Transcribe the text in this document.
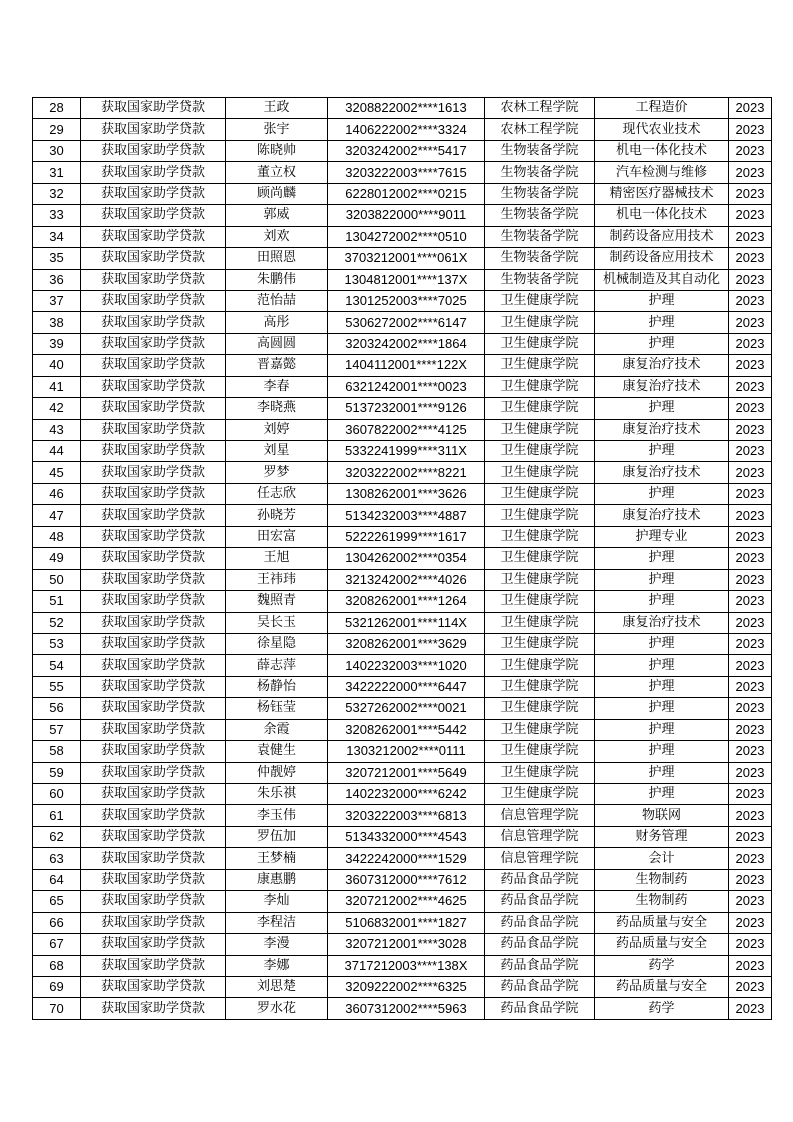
28	获取国家助学贷款	王政	3208822002****1613	农林工程学院	工程造价	2023
29	获取国家助学贷款	张宇	1406222002****3324	农林工程学院	现代农业技术	2023
30	获取国家助学贷款	陈晓帅	3203242002****5417	生物装备学院	机电一体化技术	2023
31	获取国家助学贷款	董立权	3203222003****7615	生物装备学院	汽车检测与维修	2023
32	获取国家助学贷款	顾尚麟	6228012002****0215	生物装备学院	精密医疗器械技术	2023
33	获取国家助学贷款	郭威	3203822000****9011	生物装备学院	机电一体化技术	2023
34	获取国家助学贷款	刘欢	1304272002****0510	生物装备学院	制药设备应用技术	2023
35	获取国家助学贷款	田照恩	3703212001****061X	生物装备学院	制药设备应用技术	2023
36	获取国家助学贷款	朱鹏伟	1304812001****137X	生物装备学院	机械制造及其自动化	2023
37	获取国家助学贷款	范怡喆	1301252003****7025	卫生健康学院	护理	2023
38	获取国家助学贷款	高彤	5306272002****6147	卫生健康学院	护理	2023
39	获取国家助学贷款	高圆圆	3203242002****1864	卫生健康学院	护理	2023
40	获取国家助学贷款	晋嘉懿	1404112001****122X	卫生健康学院	康复治疗技术	2023
41	获取国家助学贷款	李春	6321242001****0023	卫生健康学院	康复治疗技术	2023
42	获取国家助学贷款	李晓燕	5137232001****9126	卫生健康学院	护理	2023
43	获取国家助学贷款	刘婷	3607822002****4125	卫生健康学院	康复治疗技术	2023
44	获取国家助学贷款	刘星	5332241999****311X	卫生健康学院	护理	2023
45	获取国家助学贷款	罗梦	3203222002****8221	卫生健康学院	康复治疗技术	2023
46	获取国家助学贷款	任志欣	1308262001****3626	卫生健康学院	护理	2023
47	获取国家助学贷款	孙晓芳	5134232003****4887	卫生健康学院	康复治疗技术	2023
48	获取国家助学贷款	田宏富	5222261999****1617	卫生健康学院	护理专业	2023
49	获取国家助学贷款	王旭	1304262002****0354	卫生健康学院	护理	2023
50	获取国家助学贷款	王祎玮	3213242002****4026	卫生健康学院	护理	2023
51	获取国家助学贷款	魏照青	3208262001****1264	卫生健康学院	护理	2023
52	获取国家助学贷款	吴长玉	5321262001****114X	卫生健康学院	康复治疗技术	2023
53	获取国家助学贷款	徐星隐	3208262001****3629	卫生健康学院	护理	2023
54	获取国家助学贷款	薛志萍	1402232003****1020	卫生健康学院	护理	2023
55	获取国家助学贷款	杨静怡	3422222000****6447	卫生健康学院	护理	2023
56	获取国家助学贷款	杨钰莹	5327262002****0021	卫生健康学院	护理	2023
57	获取国家助学贷款	余霞	3208262001****5442	卫生健康学院	护理	2023
58	获取国家助学贷款	袁健生	1303212002****0111	卫生健康学院	护理	2023
59	获取国家助学贷款	仲靓婷	3207212001****5649	卫生健康学院	护理	2023
60	获取国家助学贷款	朱乐祺	1402232000****6242	卫生健康学院	护理	2023
61	获取国家助学贷款	李玉伟	3203222003****6813	信息管理学院	物联网	2023
62	获取国家助学贷款	罗伍加	5134332000****4543	信息管理学院	财务管理	2023
63	获取国家助学贷款	王梦楠	3422242000****1529	信息管理学院	会计	2023
64	获取国家助学贷款	康惠鹏	3607312000****7612	药品食品学院	生物制药	2023
65	获取国家助学贷款	李灿	3207212002****4625	药品食品学院	生物制药	2023
66	获取国家助学贷款	李程洁	5106832001****1827	药品食品学院	药品质量与安全	2023
67	获取国家助学贷款	李漫	3207212001****3028	药品食品学院	药品质量与安全	2023
68	获取国家助学贷款	李娜	3717212003****138X	药品食品学院	药学	2023
69	获取国家助学贷款	刘思楚	3209222002****6325	药品食品学院	药品质量与安全	2023
70	获取国家助学贷款	罗水花	3607312002****5963	药品食品学院	药学	2023
